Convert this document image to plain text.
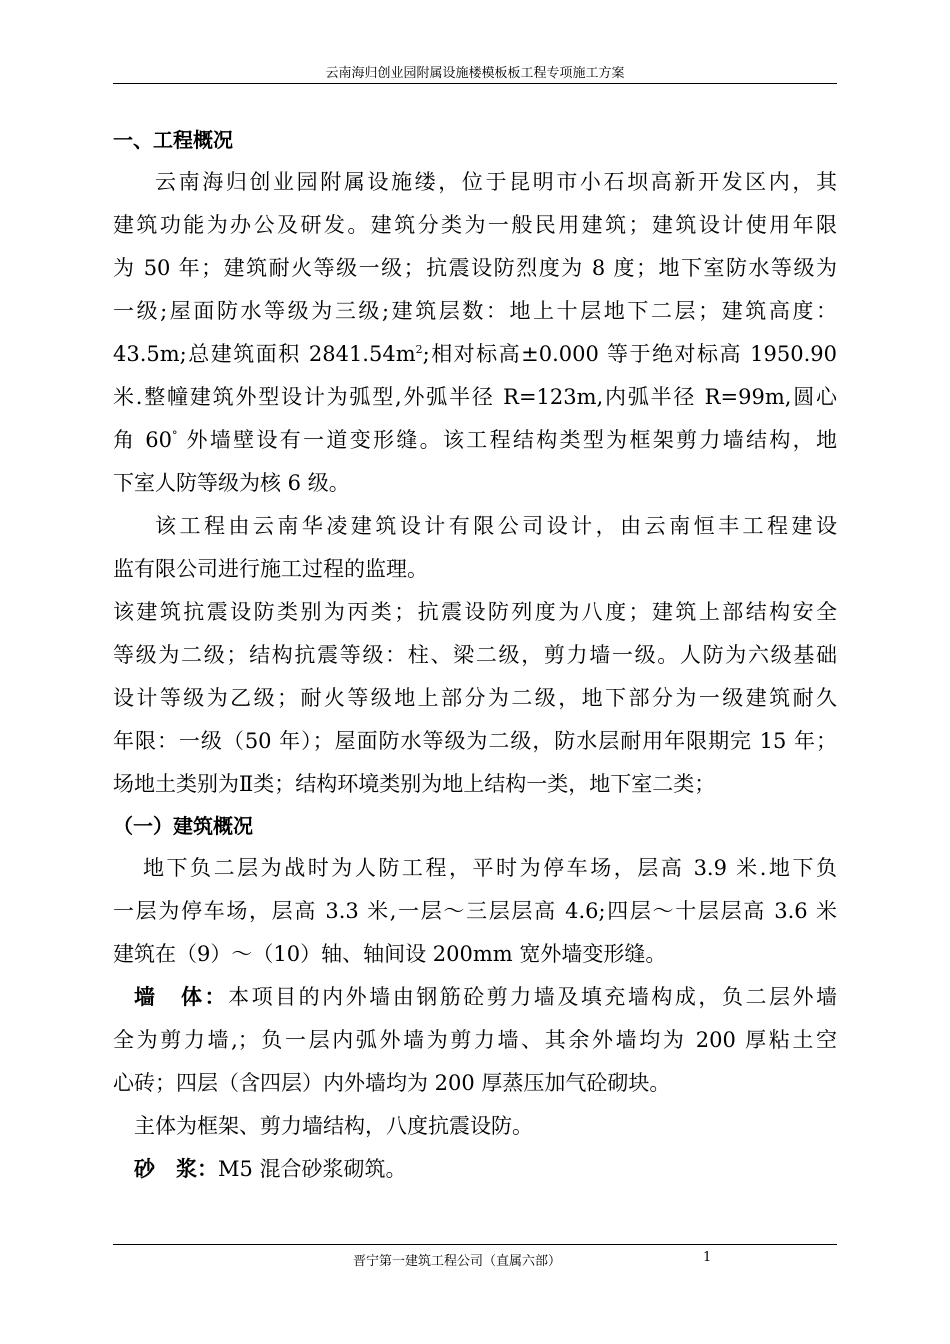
云南海归创业园附属设施楼模板板工程专项施工方案
一、工程概况
云南海归创业园附属设施缕，位于昆明市小石坝高新开发区内，其
建筑功能为办公及研发。建筑分类为一般民用建筑；建筑设计使用年限
为 50 年；建筑耐火等级一级；抗震设防烈度为 8 度；地下室防水等级为
一级;屋面防水等级为三级;建筑层数：地上十层地下二层；建筑高度：
43.5m;总建筑面积 $2841.54m^2$;相对标高±0.000 等于绝对标高 1950.90
米.整幢建筑外型设计为弧型,外弧半径 R=123m,内弧半径 R=99m,圆心
角 60° 外墙壁设有一道变形缝。该工程结构类型为框架剪力墙结构，地
下室人防等级为核 6 级。
该工程由云南华凌建筑设计有限公司设计，由云南恒丰工程建设
监有限公司进行施工过程的监理。
该建筑抗震设防类别为丙类；抗震设防列度为八度；建筑上部结构安全
等级为二级；结构抗震等级：柱、梁二级，剪力墙一级。人防为六级基础
设计等级为乙级；耐火等级地上部分为二级，地下部分为一级建筑耐久
年限：一级（50 年）；屋面防水等级为二级，防水层耐用年限期完 15 年；
场地土类别为Ⅱ类；结构环境类别为地上结构一类，地下室二类；
（一）建筑概况
地下负二层为战时为人防工程，平时为停车场，层高 3.9 米.地下负
一层为停车场，层高 3.3 米,一层～三层层高 4.6;四层～十层层高 3.6 米
建筑在（9）～（10）轴、轴间设 200mm 宽外墙变形缝。
墙　体：本项目的内外墙由钢筋砼剪力墙及填充墙构成，负二层外墙
全为剪力墙,；负一层内弧外墙为剪力墙、其余外墙均为 200 厚粘土空
心砖；四层（含四层）内外墙均为 200 厚蒸压加气砼砌块。
主体为框架、剪力墙结构，八度抗震设防。
砂　浆：M5 混合砂浆砌筑。
晋宁第一建筑工程公司（直属六部）	1
